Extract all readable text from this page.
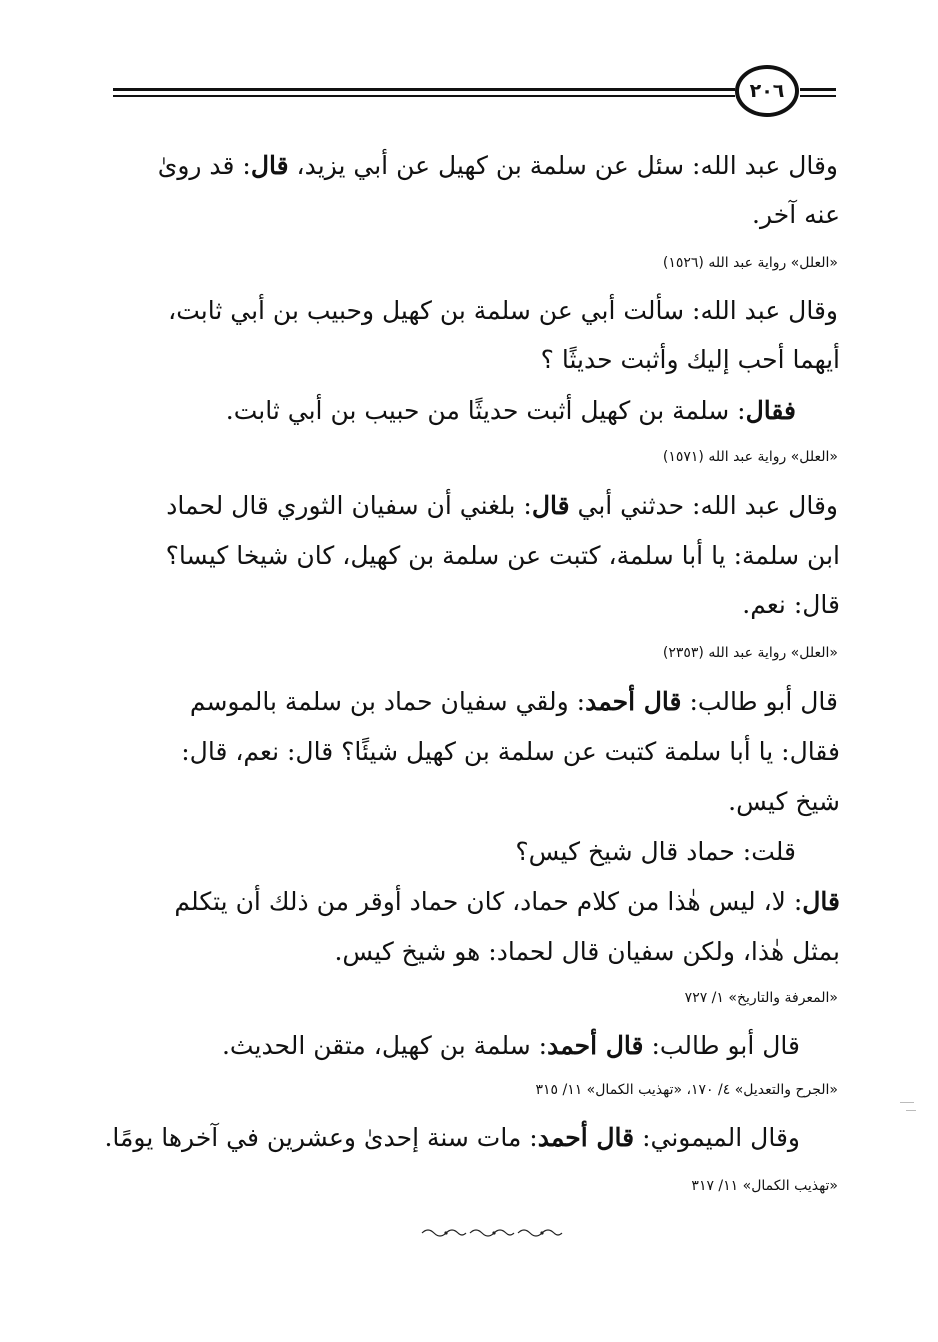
٢٠٦

وقال عبد الله: سئل عن سلمة بن كهيل عن أبي يزيد، قال: قد روىٰ

عنه آخر.

«العلل» رواية عبد الله (١٥٢٦)

وقال عبد الله: سألت أبي عن سلمة بن كهيل وحبيب بن أبي ثابت،

أيهما أحب إليك وأثبت حديثًا ؟

فقال: سلمة بن كهيل أثبت حديثًا من حبيب بن أبي ثابت.

«العلل» رواية عبد الله (١٥٧١)

وقال عبد الله: حدثني أبي قال: بلغني أن سفيان الثوري قال لحماد

ابن سلمة: يا أبا سلمة، كتبت عن سلمة بن كهيل، كان شيخا كيسا؟

قال: نعم.

«العلل» رواية عبد الله (٢٣٥٣)

قال أبو طالب: قال أحمد: ولقي سفيان حماد بن سلمة بالموسم

فقال: يا أبا سلمة كتبت عن سلمة بن كهيل شيئًا؟ قال: نعم، قال:

شيخ كيس.

قلت: حماد قال شيخ كيس؟

قال: لا، ليس هٰذا من كلام حماد، كان حماد أوقر من ذلك أن يتكلم

بمثل هٰذا، ولكن سفيان قال لحماد: هو شيخ كيس.

«المعرفة والتاريخ» ١/ ٧٢٧

قال أبو طالب: قال أحمد: سلمة بن كهيل، متقن الحديث.

«الجرح والتعديل» ٤/ ١٧٠، «تهذيب الكمال» ١١/ ٣١٥

وقال الميموني: قال أحمد: مات سنة إحدىٰ وعشرين في آخرها يومًا.

«تهذيب الكمال» ١١/ ٣١٧
